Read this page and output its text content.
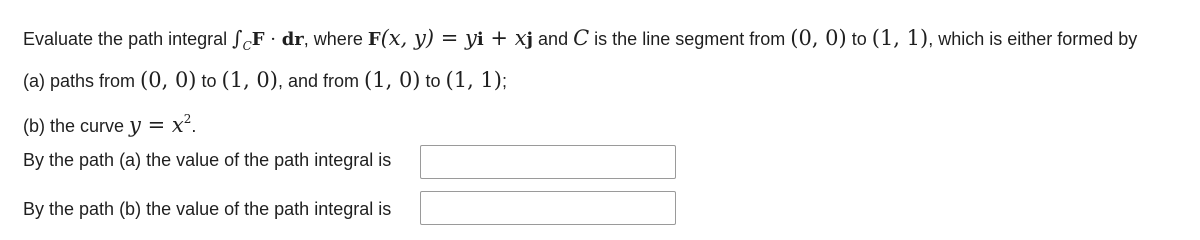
Evaluate the path integral $\int_CF$ · dr, where F(x, y) = yi + xj and C is the line segment from (0, 0) to (1, 1), which is either formed by
(a) paths from (0, 0) to (1, 0), and from (1, 0) to (1, 1);
(b) the curve $y = x^2$.
By the path (a) the value of the path integral is
By the path (b) the value of the path integral is
